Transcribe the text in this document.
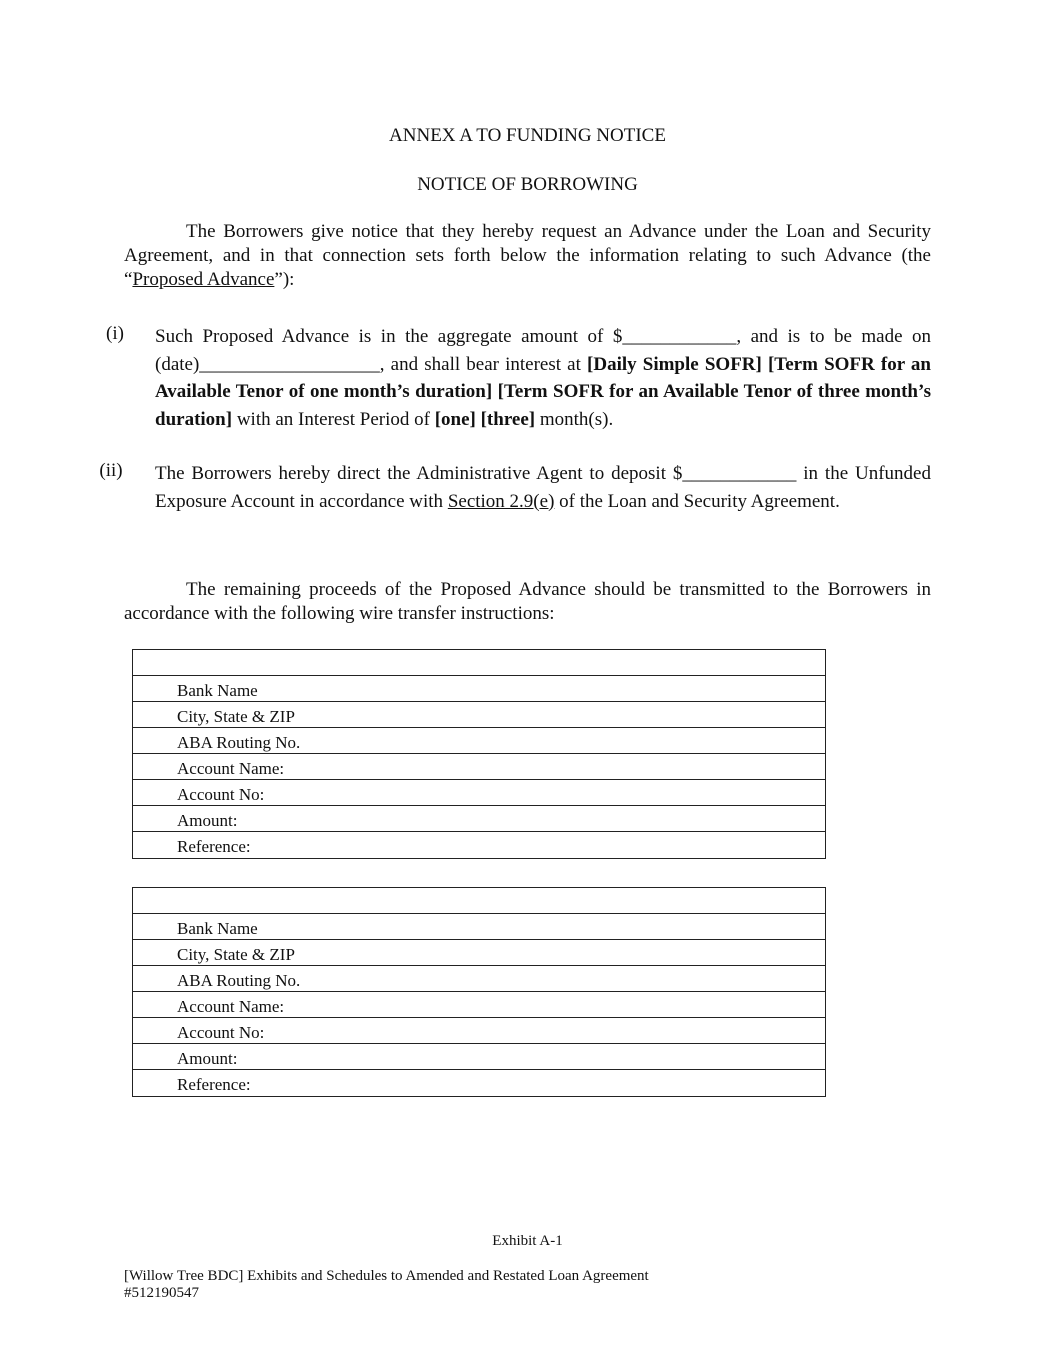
ANNEX A TO FUNDING NOTICE
NOTICE OF BORROWING
The Borrowers give notice that they hereby request an Advance under the Loan and Security Agreement, and in that connection sets forth below the information relating to such Advance (the “Proposed Advance”):
(i)	Such Proposed Advance is in the aggregate amount of $____________, and is to be made on (date)___________________, and shall bear interest at [Daily Simple SOFR] [Term SOFR for an Available Tenor of one month’s duration] [Term SOFR for an Available Tenor of three month’s duration] with an Interest Period of [one] [three] month(s).
(ii) The Borrowers hereby direct the Administrative Agent to deposit $____________ in the Unfunded Exposure Account in accordance with Section 2.9(e) of the Loan and Security Agreement.
The remaining proceeds of the Proposed Advance should be transmitted to the Borrowers in accordance with the following wire transfer instructions:
Bank Name
City, State & ZIP
ABA Routing No.
Account Name:
Account No:
Amount:
Reference:
Bank Name
City, State & ZIP
ABA Routing No.
Account Name:
Account No:
Amount:
Reference:
Exhibit A-1
[Willow Tree BDC] Exhibits and Schedules to Amended and Restated Loan Agreement
#512190547
